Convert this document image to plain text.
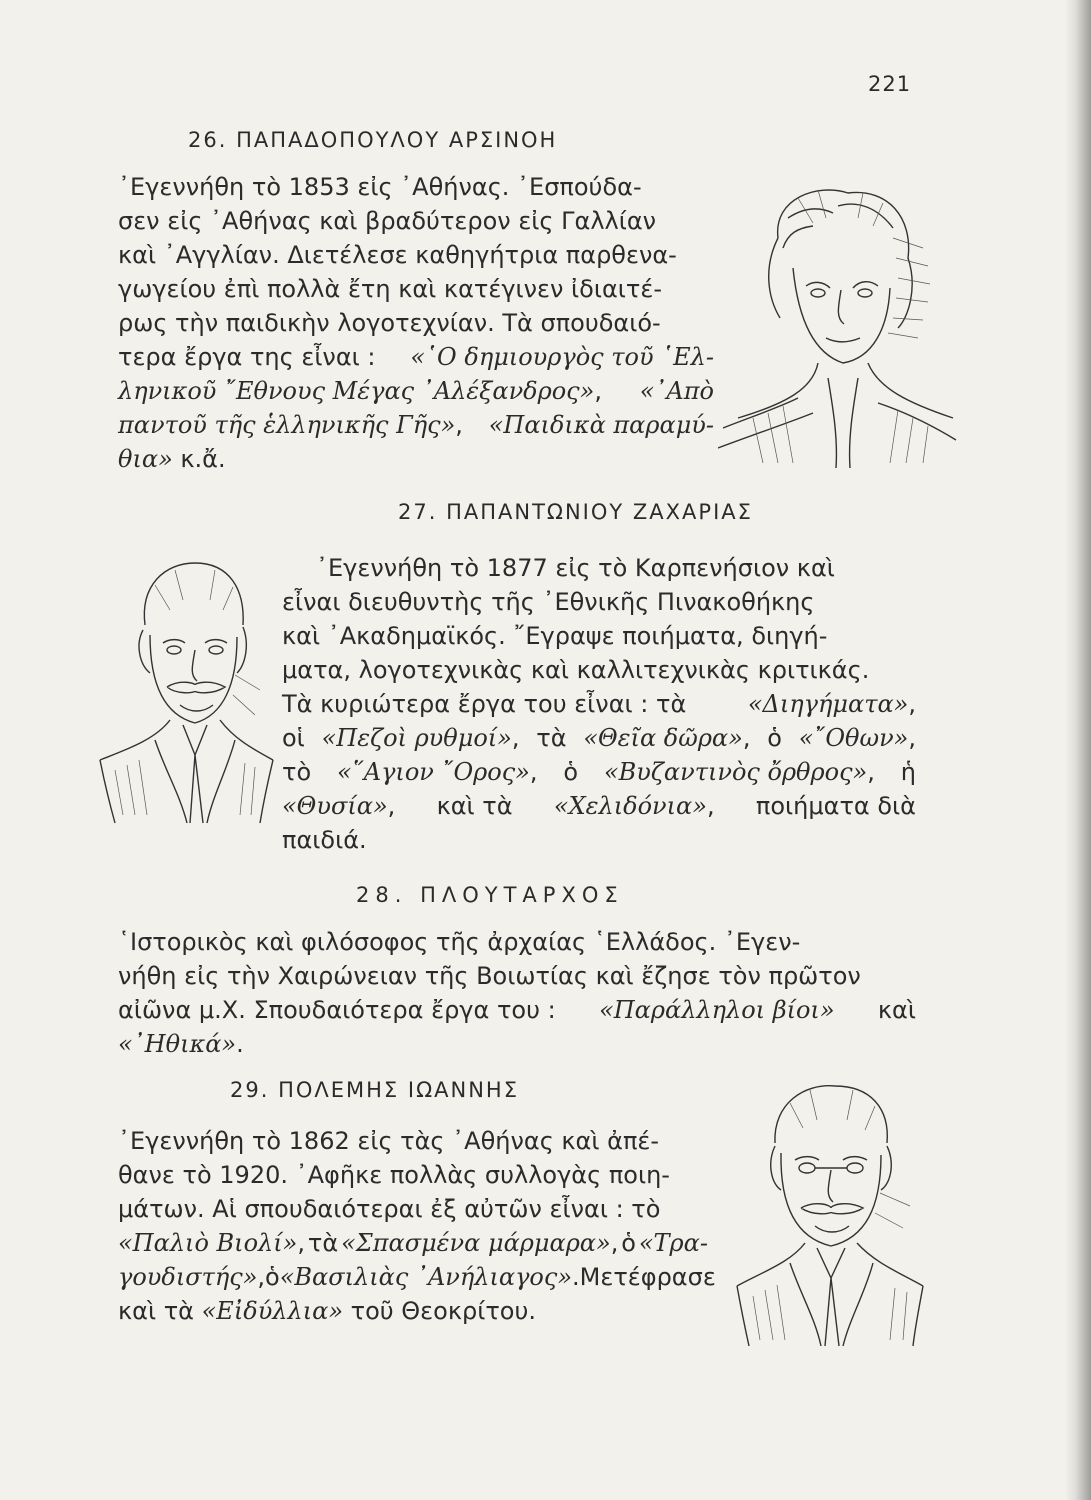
221
26. ΠΑΠΑΔΟΠΟΥΛΟΥ ΑΡΣΙΝΟΗ
᾿Εγεννήθη τὸ 1853 εἰς ᾿Αθήνας. ᾿Εσπούδα-
σεν εἰς ᾿Αθήνας καὶ βραδύτερον εἰς Γαλλίαν
καὶ ᾿Αγγλίαν. Διετέλεσε καθηγήτρια παρθενα-
γωγείου ἐπὶ πολλὰ ἔτη καὶ κατέγινεν ἰδιαιτέ-
ρως τὴν παιδικὴν λογοτεχνίαν. Τὰ σπουδαιό-
τερα ἔργα της εἶναι : «῾Ο δημιουργὸς τοῦ ῾Ελ-
ληνικοῦ ῎Εθνους Μέγας ᾿Αλέξανδρος», «᾿Απὸ
παντοῦ τῆς ἑλληνικῆς Γῆς», «Παιδικὰ παραμύ-
θια» κ.ἄ.
27. ΠΑΠΑΝΤΩΝΙΟΥ ΖΑΧΑΡΙΑΣ
᾿Εγεννήθη τὸ 1877 εἰς τὸ Καρπενήσιον καὶ
εἶναι διευθυντὴς τῆς ᾿Εθνικῆς Πινακοθήκης
καὶ ᾿Ακαδημαϊκός. ῎Εγραψε ποιήματα, διηγή-
ματα, λογοτεχνικὰς καὶ καλλιτεχνικὰς κριτικάς.
Τὰ κυριώτερα ἔργα του εἶναι : τὰ	«Διηγήματα»,
οἱ «Πεζοὶ ρυθμοί», τὰ «Θεῖα δῶρα», ὁ «῎Οθων»,
τὸ «῞Αγιον ῎Ορος», ὁ «Βυζαντινὸς ὄρθρος», ἡ
«Θυσία», καὶ τὰ «Χελιδόνια», ποιήματα διὰ
παιδιά.
28. ΠΛΟΥΤΑΡΧΟΣ
῾Ιστορικὸς καὶ φιλόσοφος τῆς ἀρχαίας ῾Ελλάδος. ᾿Εγεν-
νήθη εἰς τὴν Χαιρώνειαν τῆς Βοιωτίας καὶ ἔζησε τὸν πρῶτον
αἰῶνα μ.Χ. Σπουδαιότερα ἔργα του : «Παράλληλοι βίοι» καὶ
«᾿Ηθικά».
29. ΠΟΛΕΜΗΣ ΙΩΑΝΝΗΣ
᾿Εγεννήθη τὸ 1862 εἰς τὰς ᾿Αθήνας καὶ ἀπέ-
θανε τὸ 1920. ᾿Αφῆκε πολλὰς συλλογὰς ποιη-
μάτων. Αἱ σπουδαιότεραι ἐξ αὐτῶν εἶναι : τὸ
«Παλιὸ Βιολί», τὰ «Σπασμένα μάρμαρα», ὁ «Τρα-
γουδιστής», ὁ «Βασιλιὰς ᾿Ανήλιαγος». Μετέφρασε
καὶ τὰ «Εἰδύλλια» τοῦ Θεοκρίτου.
